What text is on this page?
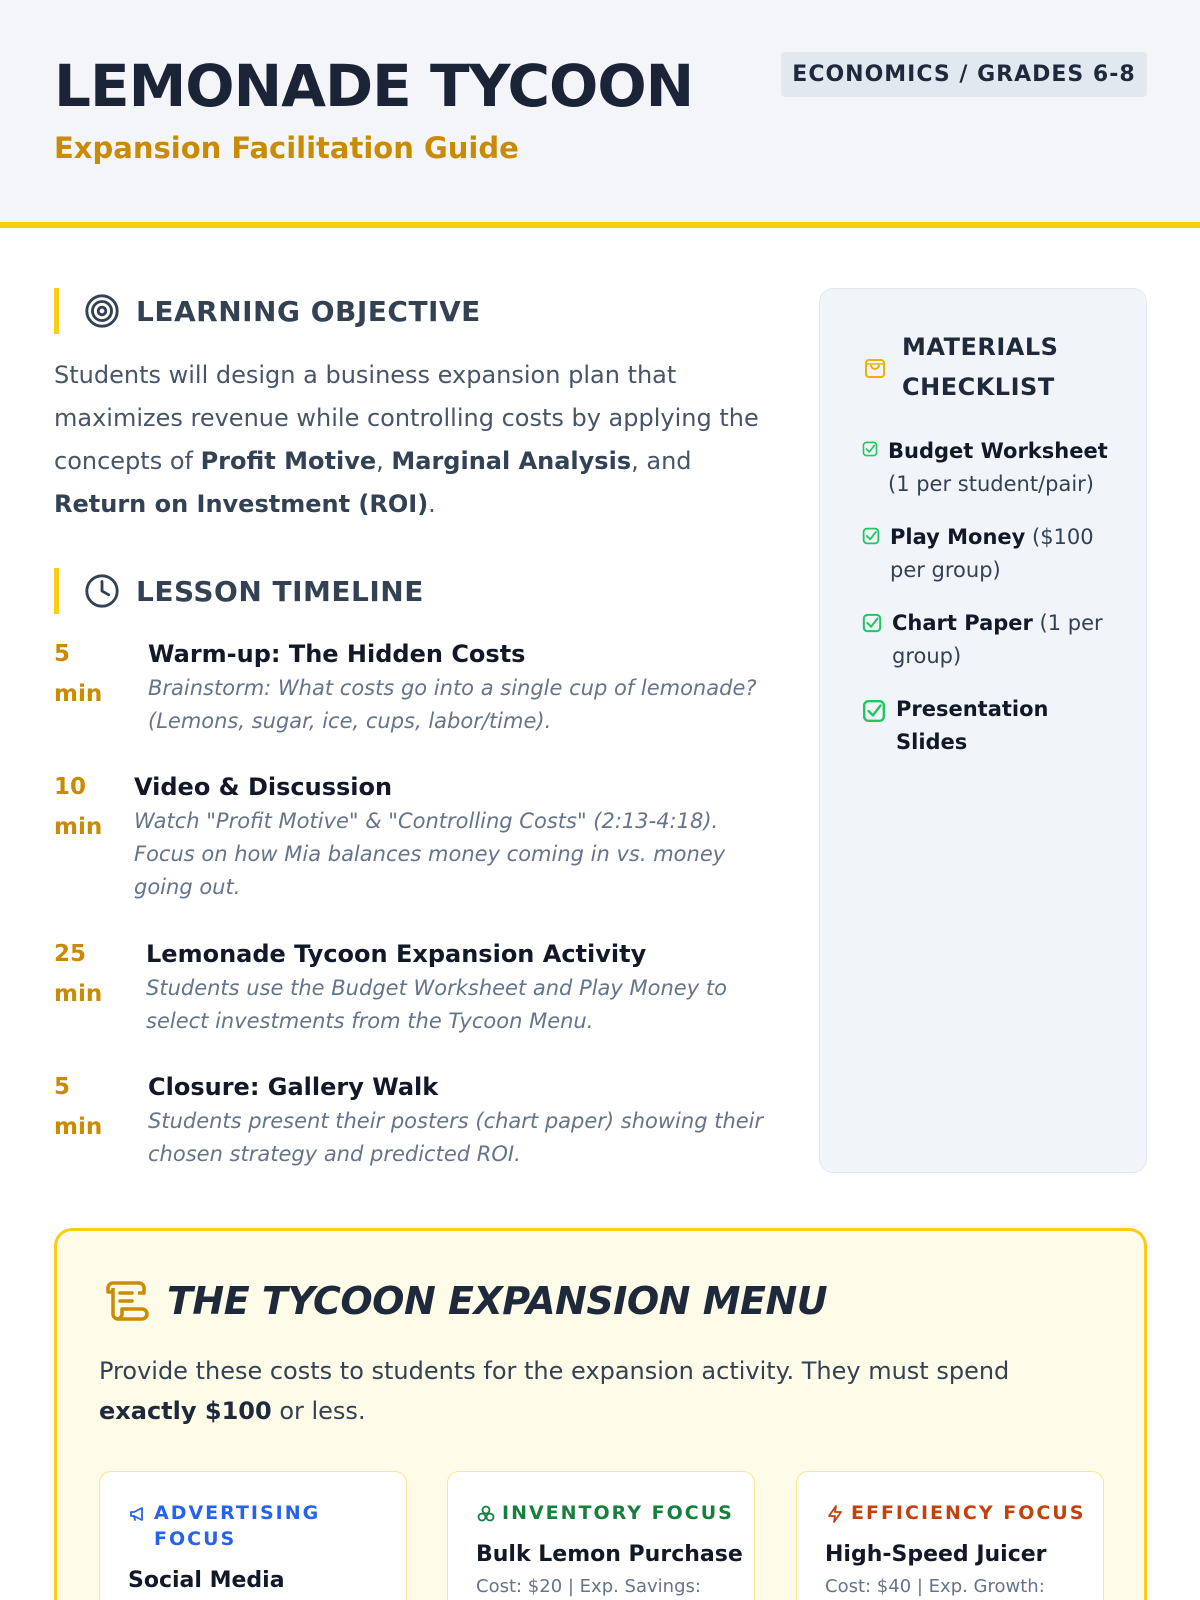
LEMONADE TYCOON
Expansion Facilitation Guide
ECONOMICS / GRADES 6-8
LEARNING OBJECTIVE

Students will design a business expansion plan that maximizes revenue while controlling costs by applying the concepts of Profit Motive, Marginal Analysis, and Return on Investment (ROI).

LESSON TIMELINE
5 min
Warm-up: The Hidden Costs
Brainstorm: What costs go into a single cup of lemonade? (Lemons, sugar, ice, cups, labor/time).
10 min
Video & Discussion
Watch "Profit Motive" & "Controlling Costs" (2:13-4:18). Focus on how Mia balances money coming in vs. money going out.
25 min
Lemonade Tycoon Expansion Activity
Students use the Budget Worksheet and Play Money to select investments from the Tycoon Menu.
5 min
Closure: Gallery Walk
Students present their posters (chart paper) showing their chosen strategy and predicted ROI.
MATERIALS CHECKLIST
Budget Worksheet (1 per student/pair)
Play Money ($100 per group)
Chart Paper (1 per group)
Presentation Slides
THE TYCOON EXPANSION MENU

Provide these costs to students for the expansion activity. They must spend exactly $100 or less.

ADVERTISING FOCUS
Social Media
INVENTORY FOCUS
Bulk Lemon Purchase
Cost: $20 | Exp. Savings:
EFFICIENCY FOCUS
High-Speed Juicer
Cost: $40 | Exp. Growth:
